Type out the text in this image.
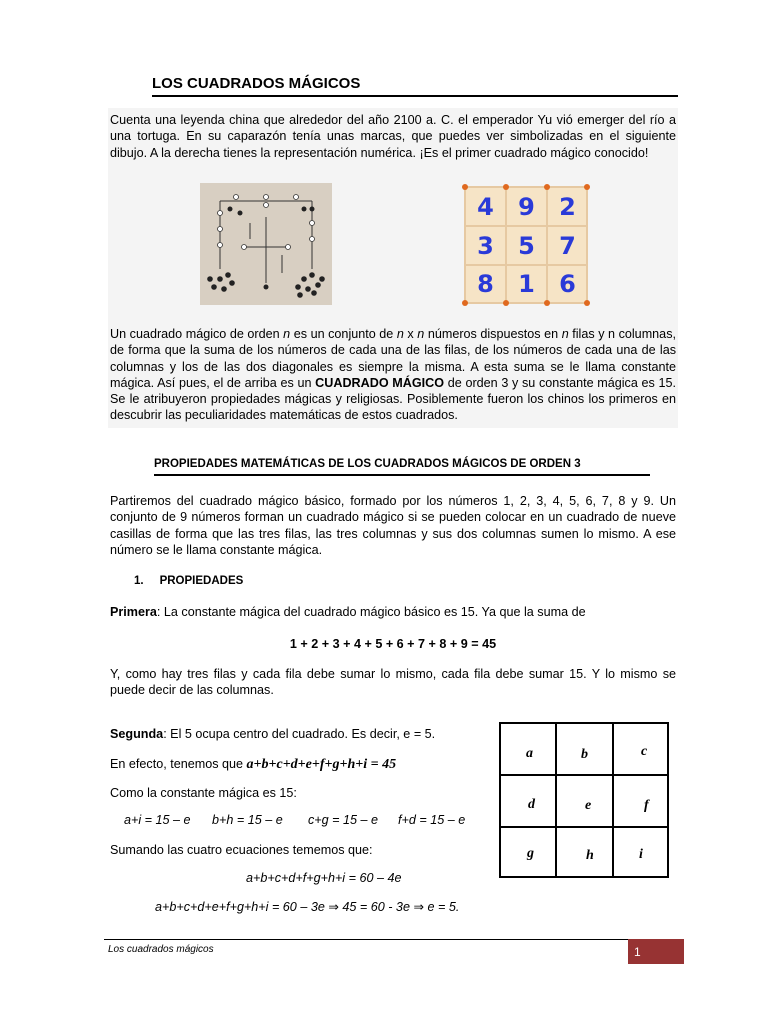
LOS CUADRADOS MÁGICOS
Cuenta una leyenda china que alrededor del año 2100 a. C. el emperador Yu vió emerger del río a una tortuga. En su caparazón tenía unas marcas, que puedes ver simbolizadas en el siguiente dibujo. A la derecha tienes la representación numérica. ¡Es el primer cuadrado mágico conocido!
4	9	2
3	5	7
8	1	6
Un cuadrado mágico de orden n es un conjunto de n x n números dispuestos en n filas y n columnas, de forma que la suma de los números de cada una de las filas, de los números de cada una de las columnas y los de las dos diagonales es siempre la misma. A esta suma se le llama constante mágica. Así pues, el de arriba es un CUADRADO MÁGICO de orden 3 y su constante mágica es 15. Se le atribuyeron propiedades mágicas y religiosas. Posiblemente fueron los chinos los primeros en descubrir las peculiaridades matemáticas de estos cuadrados.
PROPIEDADES MATEMÁTICAS DE LOS CUADRADOS MÁGICOS DE ORDEN 3
Partiremos del cuadrado mágico básico, formado por los números 1, 2, 3, 4, 5, 6, 7, 8 y 9. Un conjunto de 9 números forman un cuadrado mágico si se pueden colocar en un cuadrado de nueve casillas de forma que las tres filas, las tres columnas y sus dos columnas sumen lo mismo. A ese número se le llama constante mágica.
1. PROPIEDADES
Primera: La constante mágica del cuadrado mágico básico es 15. Ya que la suma de
1 + 2 + 3 + 4 + 5 + 6 + 7 + 8 + 9 = 45
Y, como hay tres filas y cada fila debe sumar lo mismo, cada fila debe sumar 15. Y lo mismo se puede decir de las columnas.
Segunda: El 5 ocupa centro del cuadrado. Es decir, e = 5.
En efecto, tenemos que a+b+c+d+e+f+g+h+i = 45
Como la constante mágica es 15:
a+i = 15 – e b+h = 15 – e c+g = 15 – e f+d = 15 – e
Sumando las cuatro ecuaciones tememos que:
a+b+c+d+f+g+h+i = 60 – 4e
a+b+c+d+e+f+g+h+i = 60 – 3e ⇒ 45 = 60 - 3e ⇒ e = 5.
a	b	c
d	e	f
g	h	i
Los cuadrados mágicos	1
